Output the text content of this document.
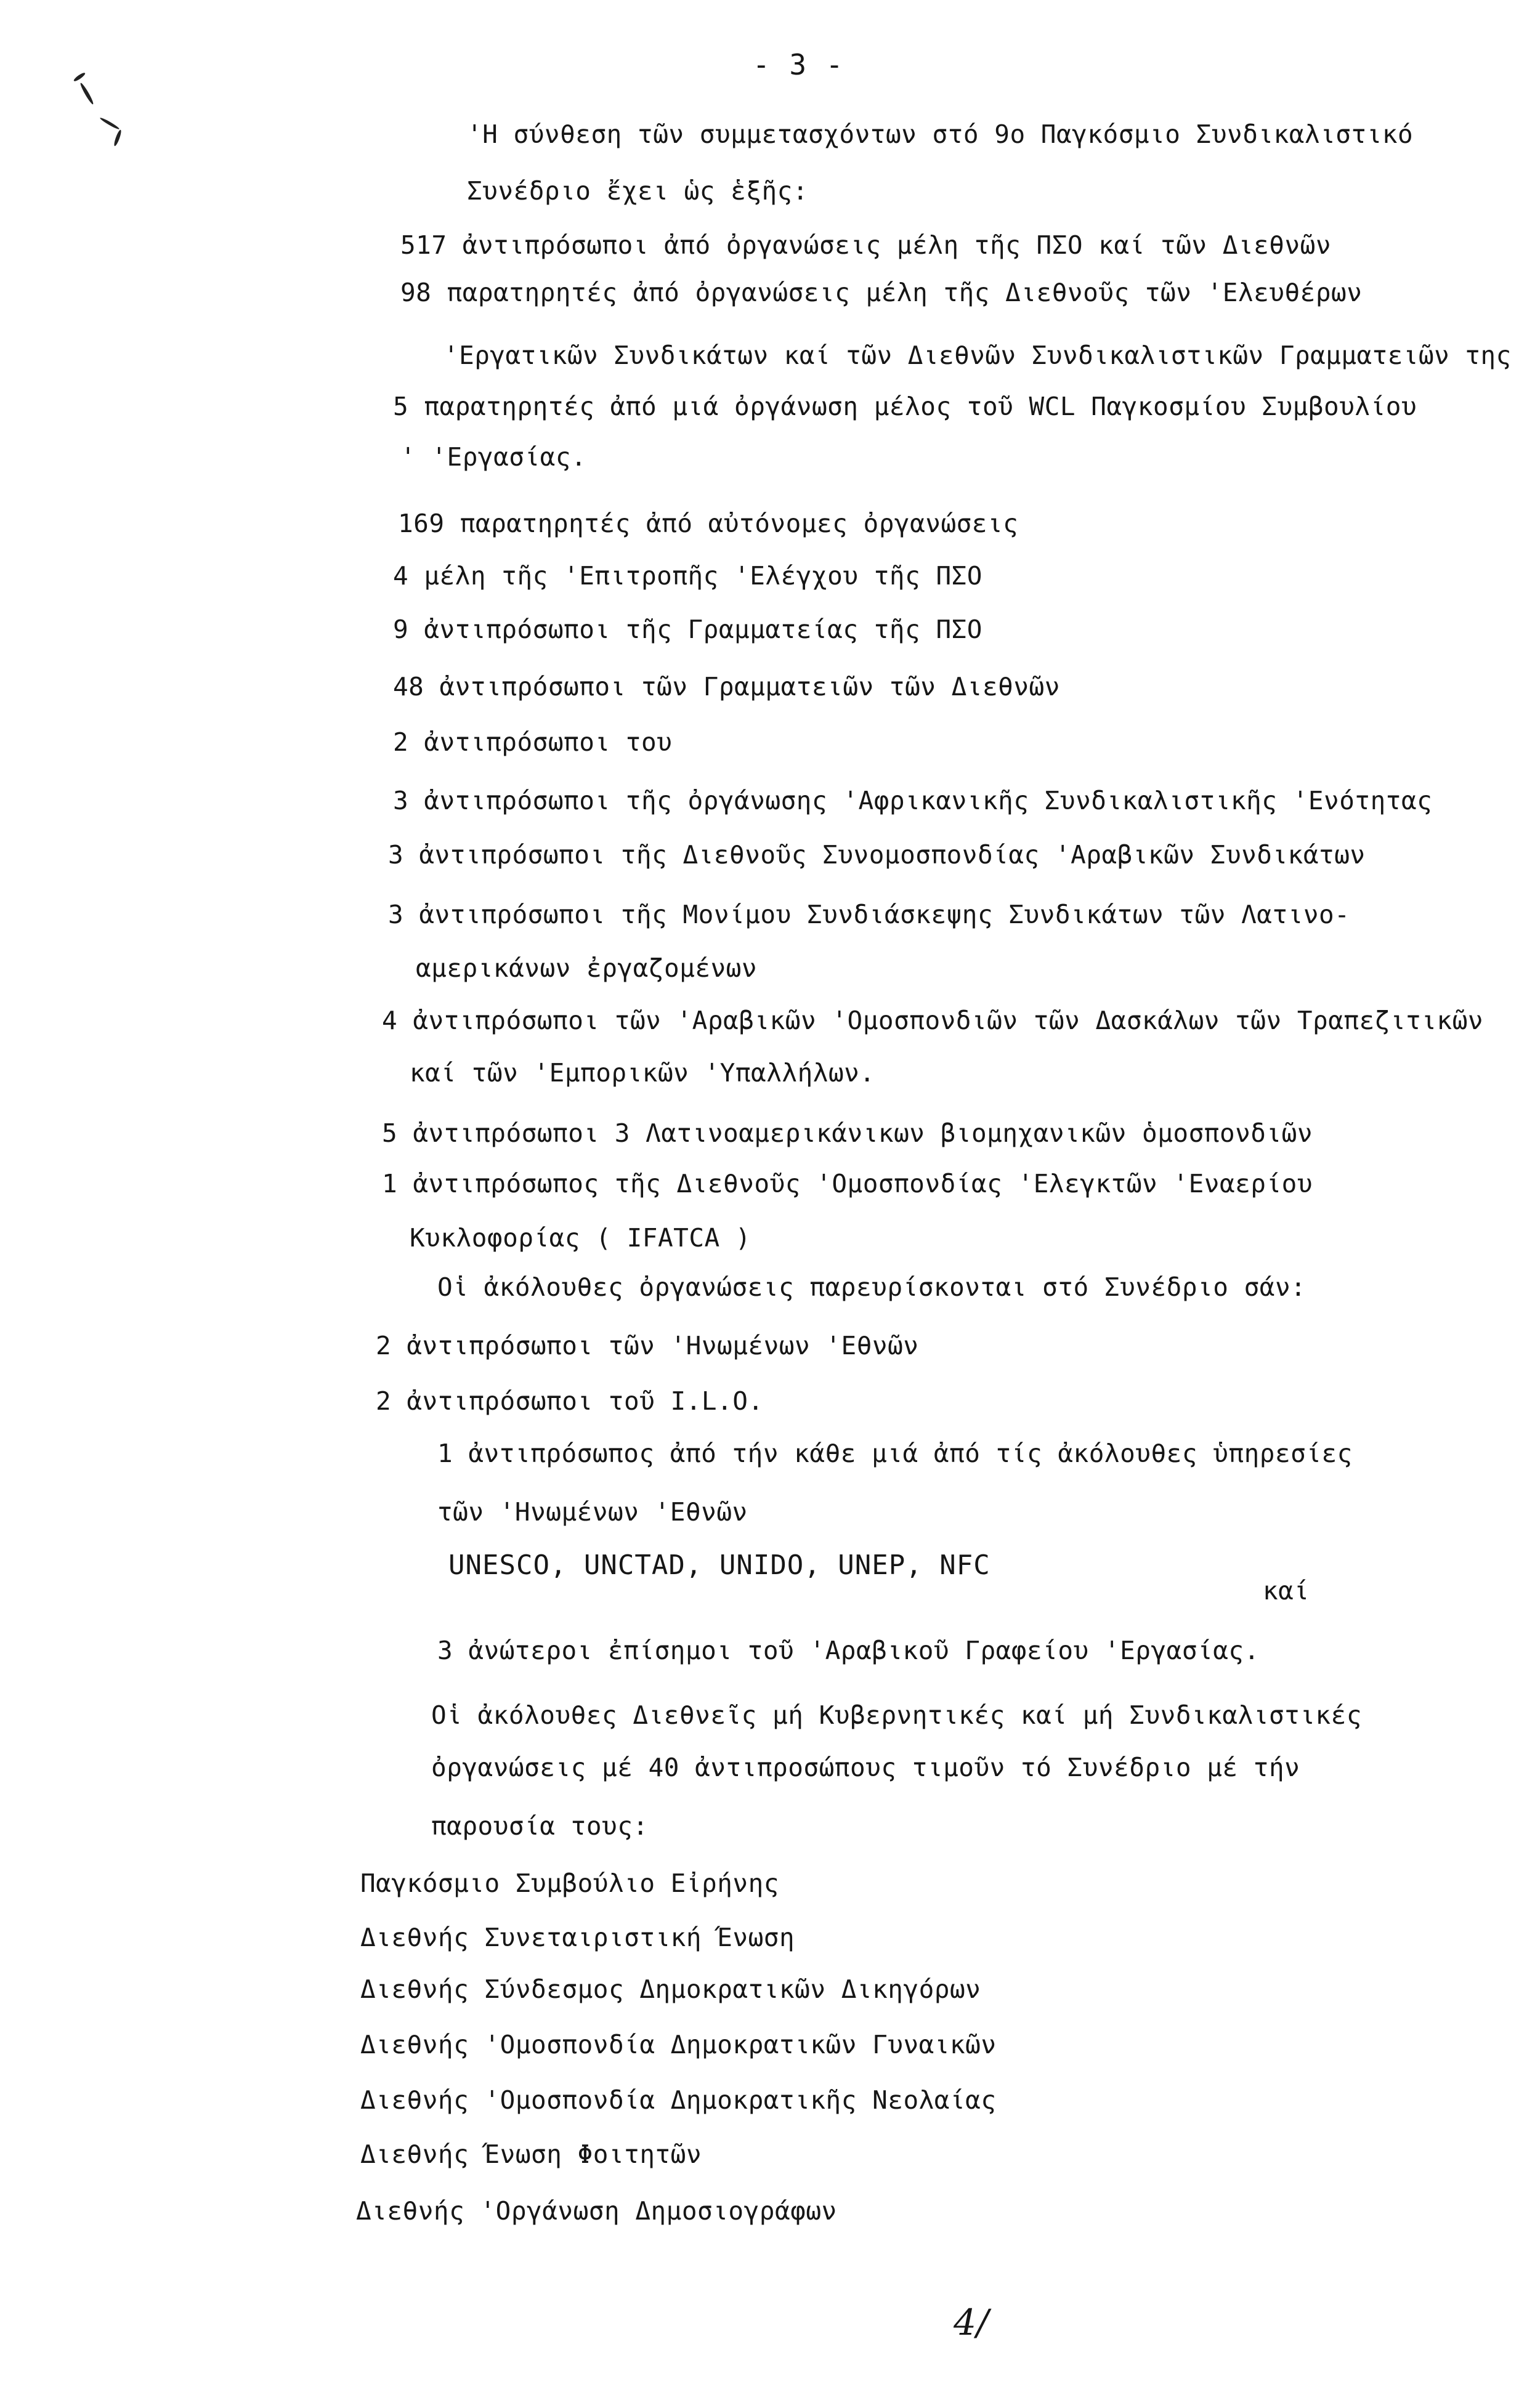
- 3 -
'Η σύνθεση τῶν συμμετασχόντων στό 9ο Παγκόσμιο Συνδικαλιστικό
Συνέδριο ἔχει ὡς ἑξῆς:
517 ἀντιπρόσωποι ἀπό ὀργανώσεις μέλη τῆς ΠΣΟ καί τῶν Διεθνῶν
98 παρατηρητές ἀπό ὀργανώσεις μέλη τῆς Διεθνοῦς τῶν 'Ελευθέρων
'Εργατικῶν Συνδικάτων καί τῶν Διεθνῶν Συνδικαλιστικῶν Γραμματειῶν της
5 παρατηρητές ἀπό μιά ὀργάνωση μέλος τοῦ WCL Παγκοσμίου Συμβουλίου
' 'Εργασίας.
169 παρατηρητές ἀπό αὐτόνομες ὀργανώσεις
4 μέλη τῆς 'Επιτροπῆς 'Ελέγχου τῆς ΠΣΟ
9 ἀντιπρόσωποι τῆς Γραμματείας τῆς ΠΣΟ
48 ἀντιπρόσωποι τῶν Γραμματειῶν τῶν Διεθνῶν
2 ἀντιπρόσωποι του
3 ἀντιπρόσωποι τῆς ὀργάνωσης 'Αφρικανικῆς Συνδικαλιστικῆς 'Ενότητας
3 ἀντιπρόσωποι τῆς Διεθνοῦς Συνομοσπονδίας 'Αραβικῶν Συνδικάτων
3 ἀντιπρόσωποι τῆς Μονίμου Συνδιάσκεψης Συνδικάτων τῶν Λατινο-
αμερικάνων ἐργαζομένων
4 ἀντιπρόσωποι τῶν 'Αραβικῶν 'Ομοσπονδιῶν τῶν Δασκάλων τῶν Τραπεζιτικῶν
καί τῶν 'Εμπορικῶν 'Υπαλλήλων.
5 ἀντιπρόσωποι 3 Λατινοαμερικάνικων βιομηχανικῶν ὁμοσπονδιῶν
1 ἀντιπρόσωπος τῆς Διεθνοῦς 'Ομοσπονδίας 'Ελεγκτῶν 'Εναερίου
Κυκλοφορίας ( IFATCA )
Οἱ ἀκόλουθες ὀργανώσεις παρευρίσκονται στό Συνέδριο σάν:
2 ἀντιπρόσωποι τῶν 'Ηνωμένων 'Εθνῶν
2 ἀντιπρόσωποι τοῦ I.L.O.
1 ἀντιπρόσωπος ἀπό τήν κάθε μιά ἀπό τίς ἀκόλουθες ὑπηρεσίες
τῶν 'Ηνωμένων 'Εθνῶν
UNESCO, UNCTAD, UNIDO, UNEP, NFC
καί
3 ἀνώτεροι ἐπίσημοι τοῦ 'Αραβικοῦ Γραφείου 'Εργασίας.
Οἱ ἀκόλουθες Διεθνεῖς μή Κυβερνητικές καί μή Συνδικαλιστικές
ὀργανώσεις μέ 40 ἀντιπροσώπους τιμοῦν τό Συνέδριο μέ τήν
παρουσία τους:
Παγκόσμιο Συμβούλιο Εἰρήνης
Διεθνής Συνεταιριστική Ένωση
Διεθνής Σύνδεσμος Δημοκρατικῶν Δικηγόρων
Διεθνής 'Ομοσπονδία Δημοκρατικῶν Γυναικῶν
Διεθνής 'Ομοσπονδία Δημοκρατικῆς Νεολαίας
Διεθνής Ένωση Φοιτητῶν
Διεθνής 'Οργάνωση Δημοσιογράφων
4/
